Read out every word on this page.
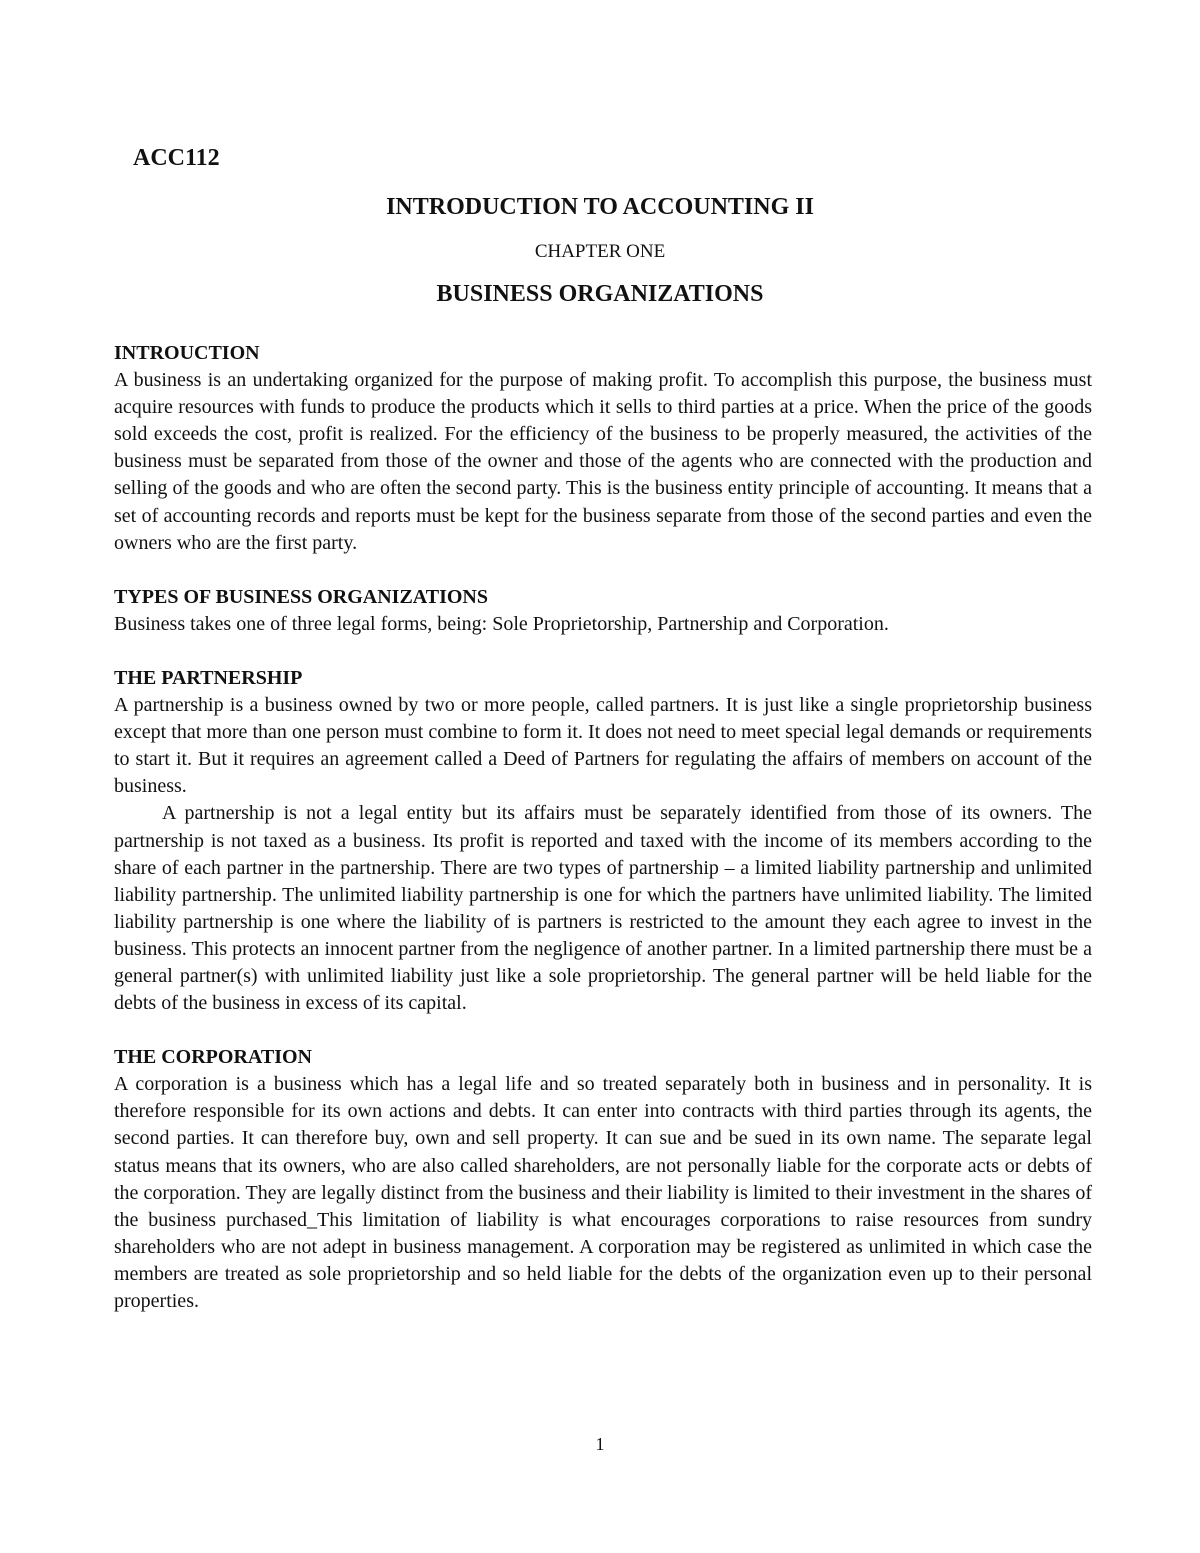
ACC112

INTRODUCTION TO ACCOUNTING II

CHAPTER ONE

BUSINESS ORGANIZATIONS

INTROUCTION

A business is an undertaking organized for the purpose of making profit. To accomplish this purpose, the business must acquire resources with funds to produce the products which it sells to third parties at a price. When the price of the goods sold exceeds the cost, profit is realized. For the efficiency of the business to be properly measured, the activities of the business must be separated from those of the owner and those of the agents who are connected with the production and selling of the goods and who are often the second party. This is the business entity principle of accounting. It means that a set of accounting records and reports must be kept for the business separate from those of the second parties and even the owners who are the first party.

TYPES OF BUSINESS ORGANIZATIONS

Business takes one of three legal forms, being: Sole Proprietorship, Partnership and Corporation.

THE PARTNERSHIP

A partnership is a business owned by two or more people, called partners. It is just like a single proprietorship business except that more than one person must combine to form it. It does not need to meet special legal demands or requirements to start it. But it requires an agreement called a Deed of Partners for regulating the affairs of members on account of the business.

A partnership is not a legal entity but its affairs must be separately identified from those of its owners. The partnership is not taxed as a business. Its profit is reported and taxed with the income of its members according to the share of each partner in the partnership. There are two types of partnership – a limited liability partnership and unlimited liability partnership. The unlimited liability partnership is one for which the partners have unlimited liability. The limited liability partnership is one where the liability of is partners is restricted to the amount they each agree to invest in the business. This protects an innocent partner from the negligence of another partner. In a limited partnership there must be a general partner(s) with unlimited liability just like a sole proprietorship. The general partner will be held liable for the debts of the business in excess of its capital.

THE CORPORATION

A corporation is a business which has a legal life and so treated separately both in business and in personality. It is therefore responsible for its own actions and debts. It can enter into contracts with third parties through its agents, the second parties. It can therefore buy, own and sell property. It can sue and be sued in its own name. The separate legal status means that its owners, who are also called shareholders, are not personally liable for the corporate acts or debts of the corporation. They are legally distinct from the business and their liability is limited to their investment in the shares of the business purchased_This limitation of liability is what encourages corporations to raise resources from sundry shareholders who are not adept in business management. A corporation may be registered as unlimited in which case the members are treated as sole proprietorship and so held liable for the debts of the organization even up to their personal properties.

1
